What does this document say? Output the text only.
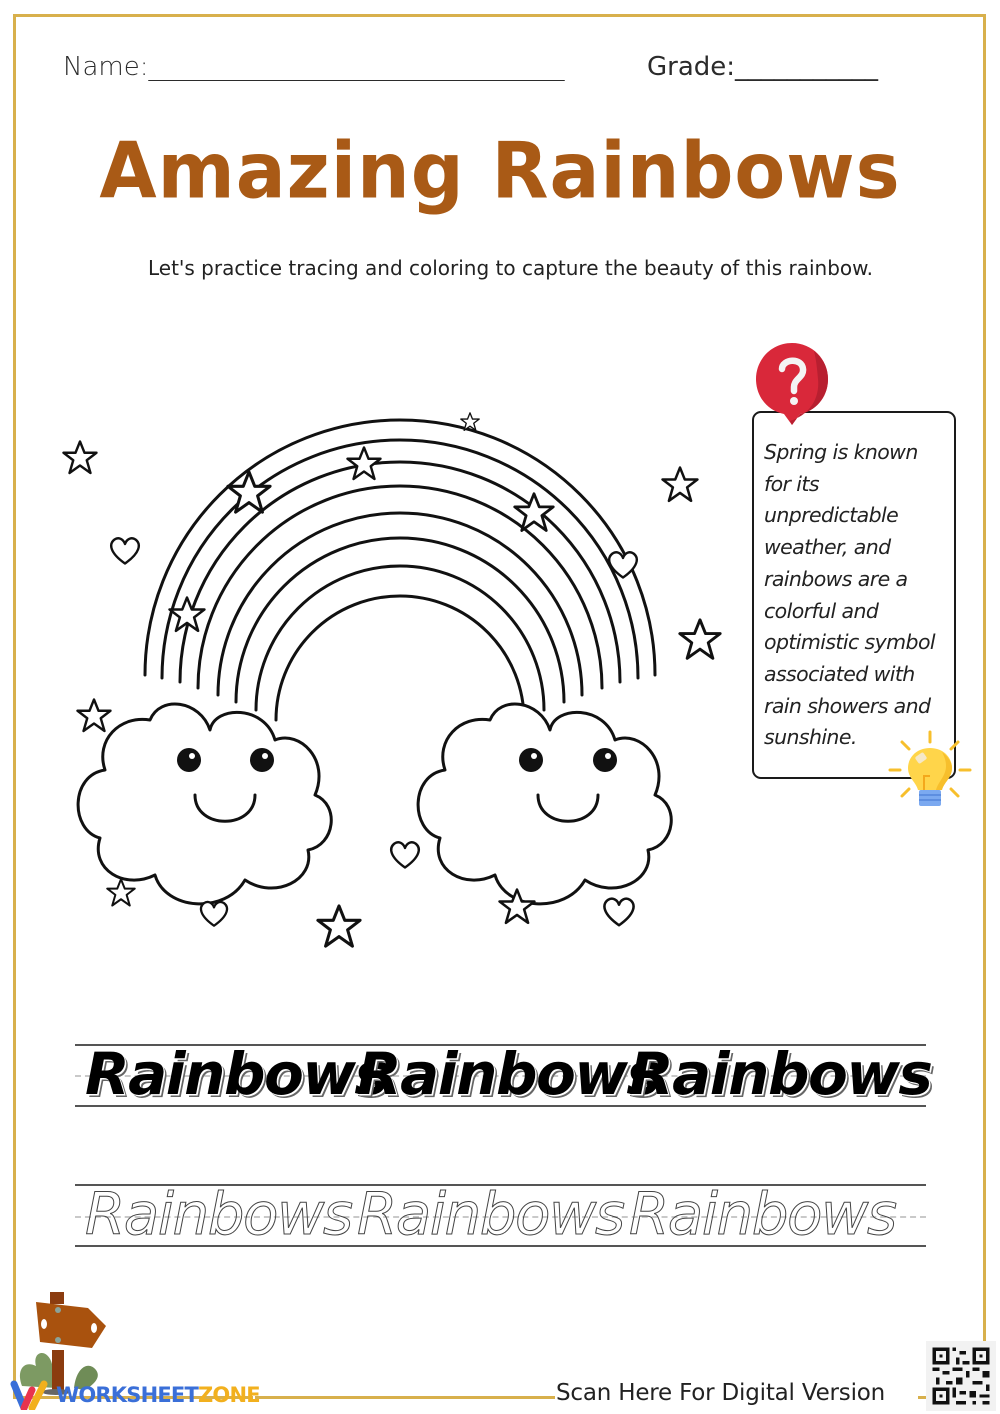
Name:________________________________	Grade:___________
Amazing Rainbows
Let's practice tracing and coloring to capture the beauty of this rainbow.
Spring is known
for its
unpredictable
weather, and
rainbows are a
colorful and
optimistic symbol
associated with
rain showers and
sunshine.
Rainbows
Rainbows
Rainbows
Rainbows Rainbows Rainbows
WORKSHEETZONE	Scan Here For Digital Version
